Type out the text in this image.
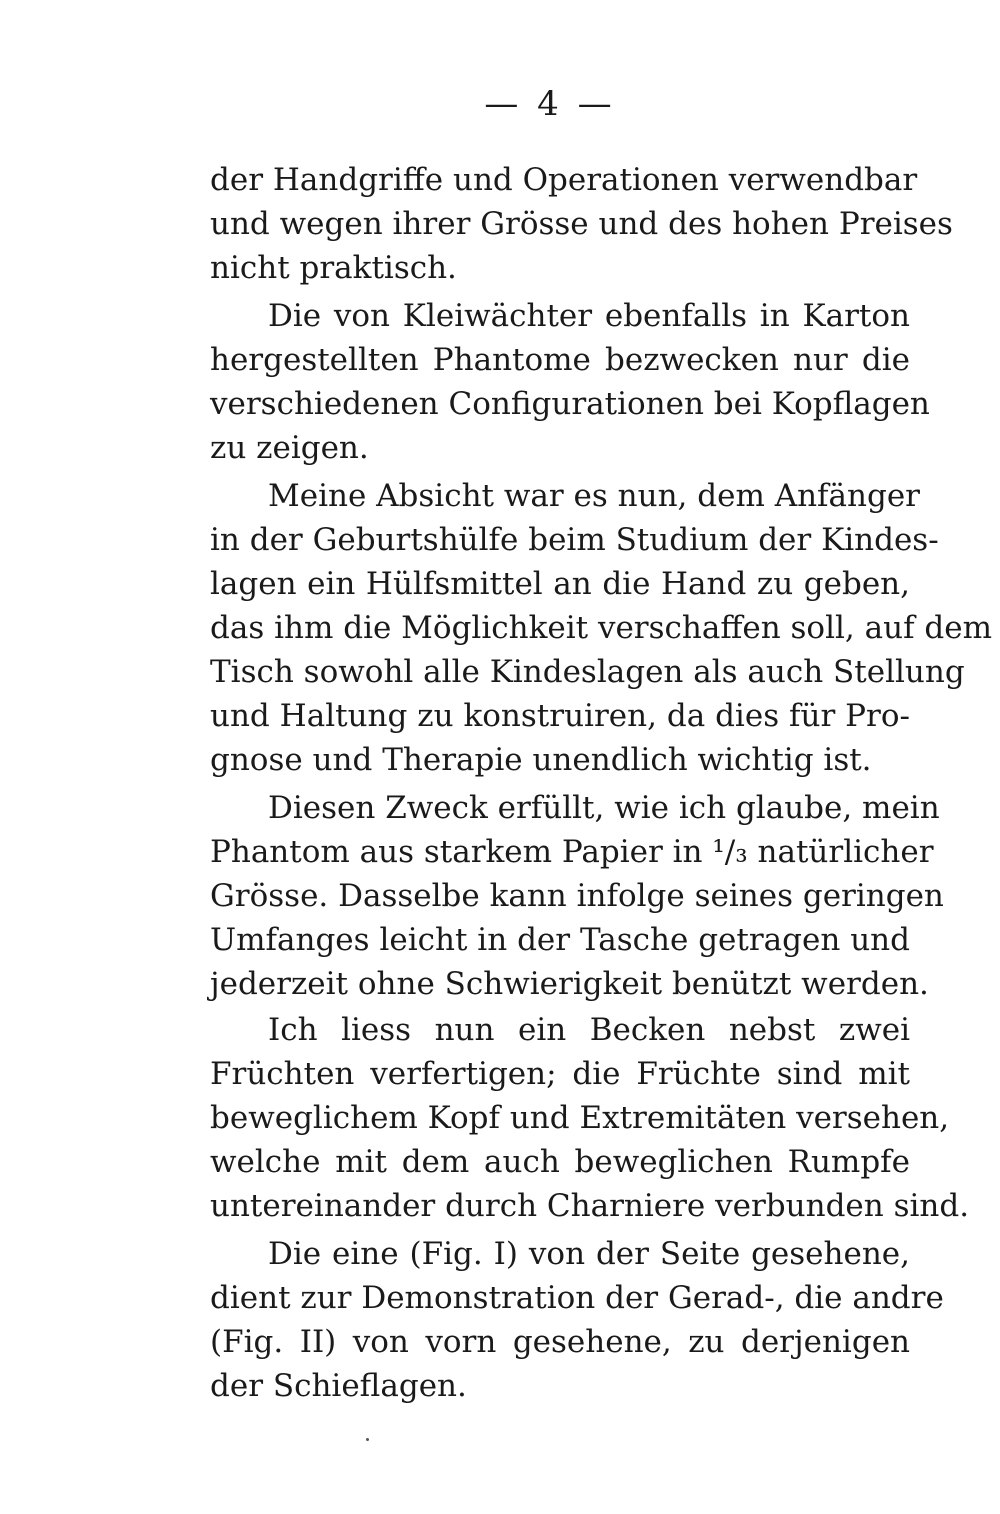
— 4 —
der Handgriffe und Operationen verwendbar
und wegen ihrer Grösse und des hohen Preises
nicht praktisch.
Die von Kleiwächter ebenfalls in Karton
hergestellten Phantome bezwecken nur die
verschiedenen Configurationen bei Kopflagen
zu zeigen.
Meine Absicht war es nun, dem Anfänger
in der Geburtshülfe beim Studium der Kindes-
lagen ein Hülfsmittel an die Hand zu geben,
das ihm die Möglichkeit verschaffen soll, auf dem
Tisch sowohl alle Kindeslagen als auch Stellung
und Haltung zu konstruiren, da dies für Pro-
gnose und Therapie unendlich wichtig ist.
Diesen Zweck erfüllt, wie ich glaube, mein
Phantom aus starkem Papier in ¹/₃ natürlicher
Grösse. Dasselbe kann infolge seines geringen
Umfanges leicht in der Tasche getragen und
jederzeit ohne Schwierigkeit benützt werden.
Ich liess nun ein Becken nebst zwei
Früchten verfertigen; die Früchte sind mit
beweglichem Kopf und Extremitäten versehen,
welche mit dem auch beweglichen Rumpfe
untereinander durch Charniere verbunden sind.
Die eine (Fig. I) von der Seite gesehene,
dient zur Demonstration der Gerad-, die andre
(Fig. II) von vorn gesehene, zu derjenigen
der Schieflagen.
